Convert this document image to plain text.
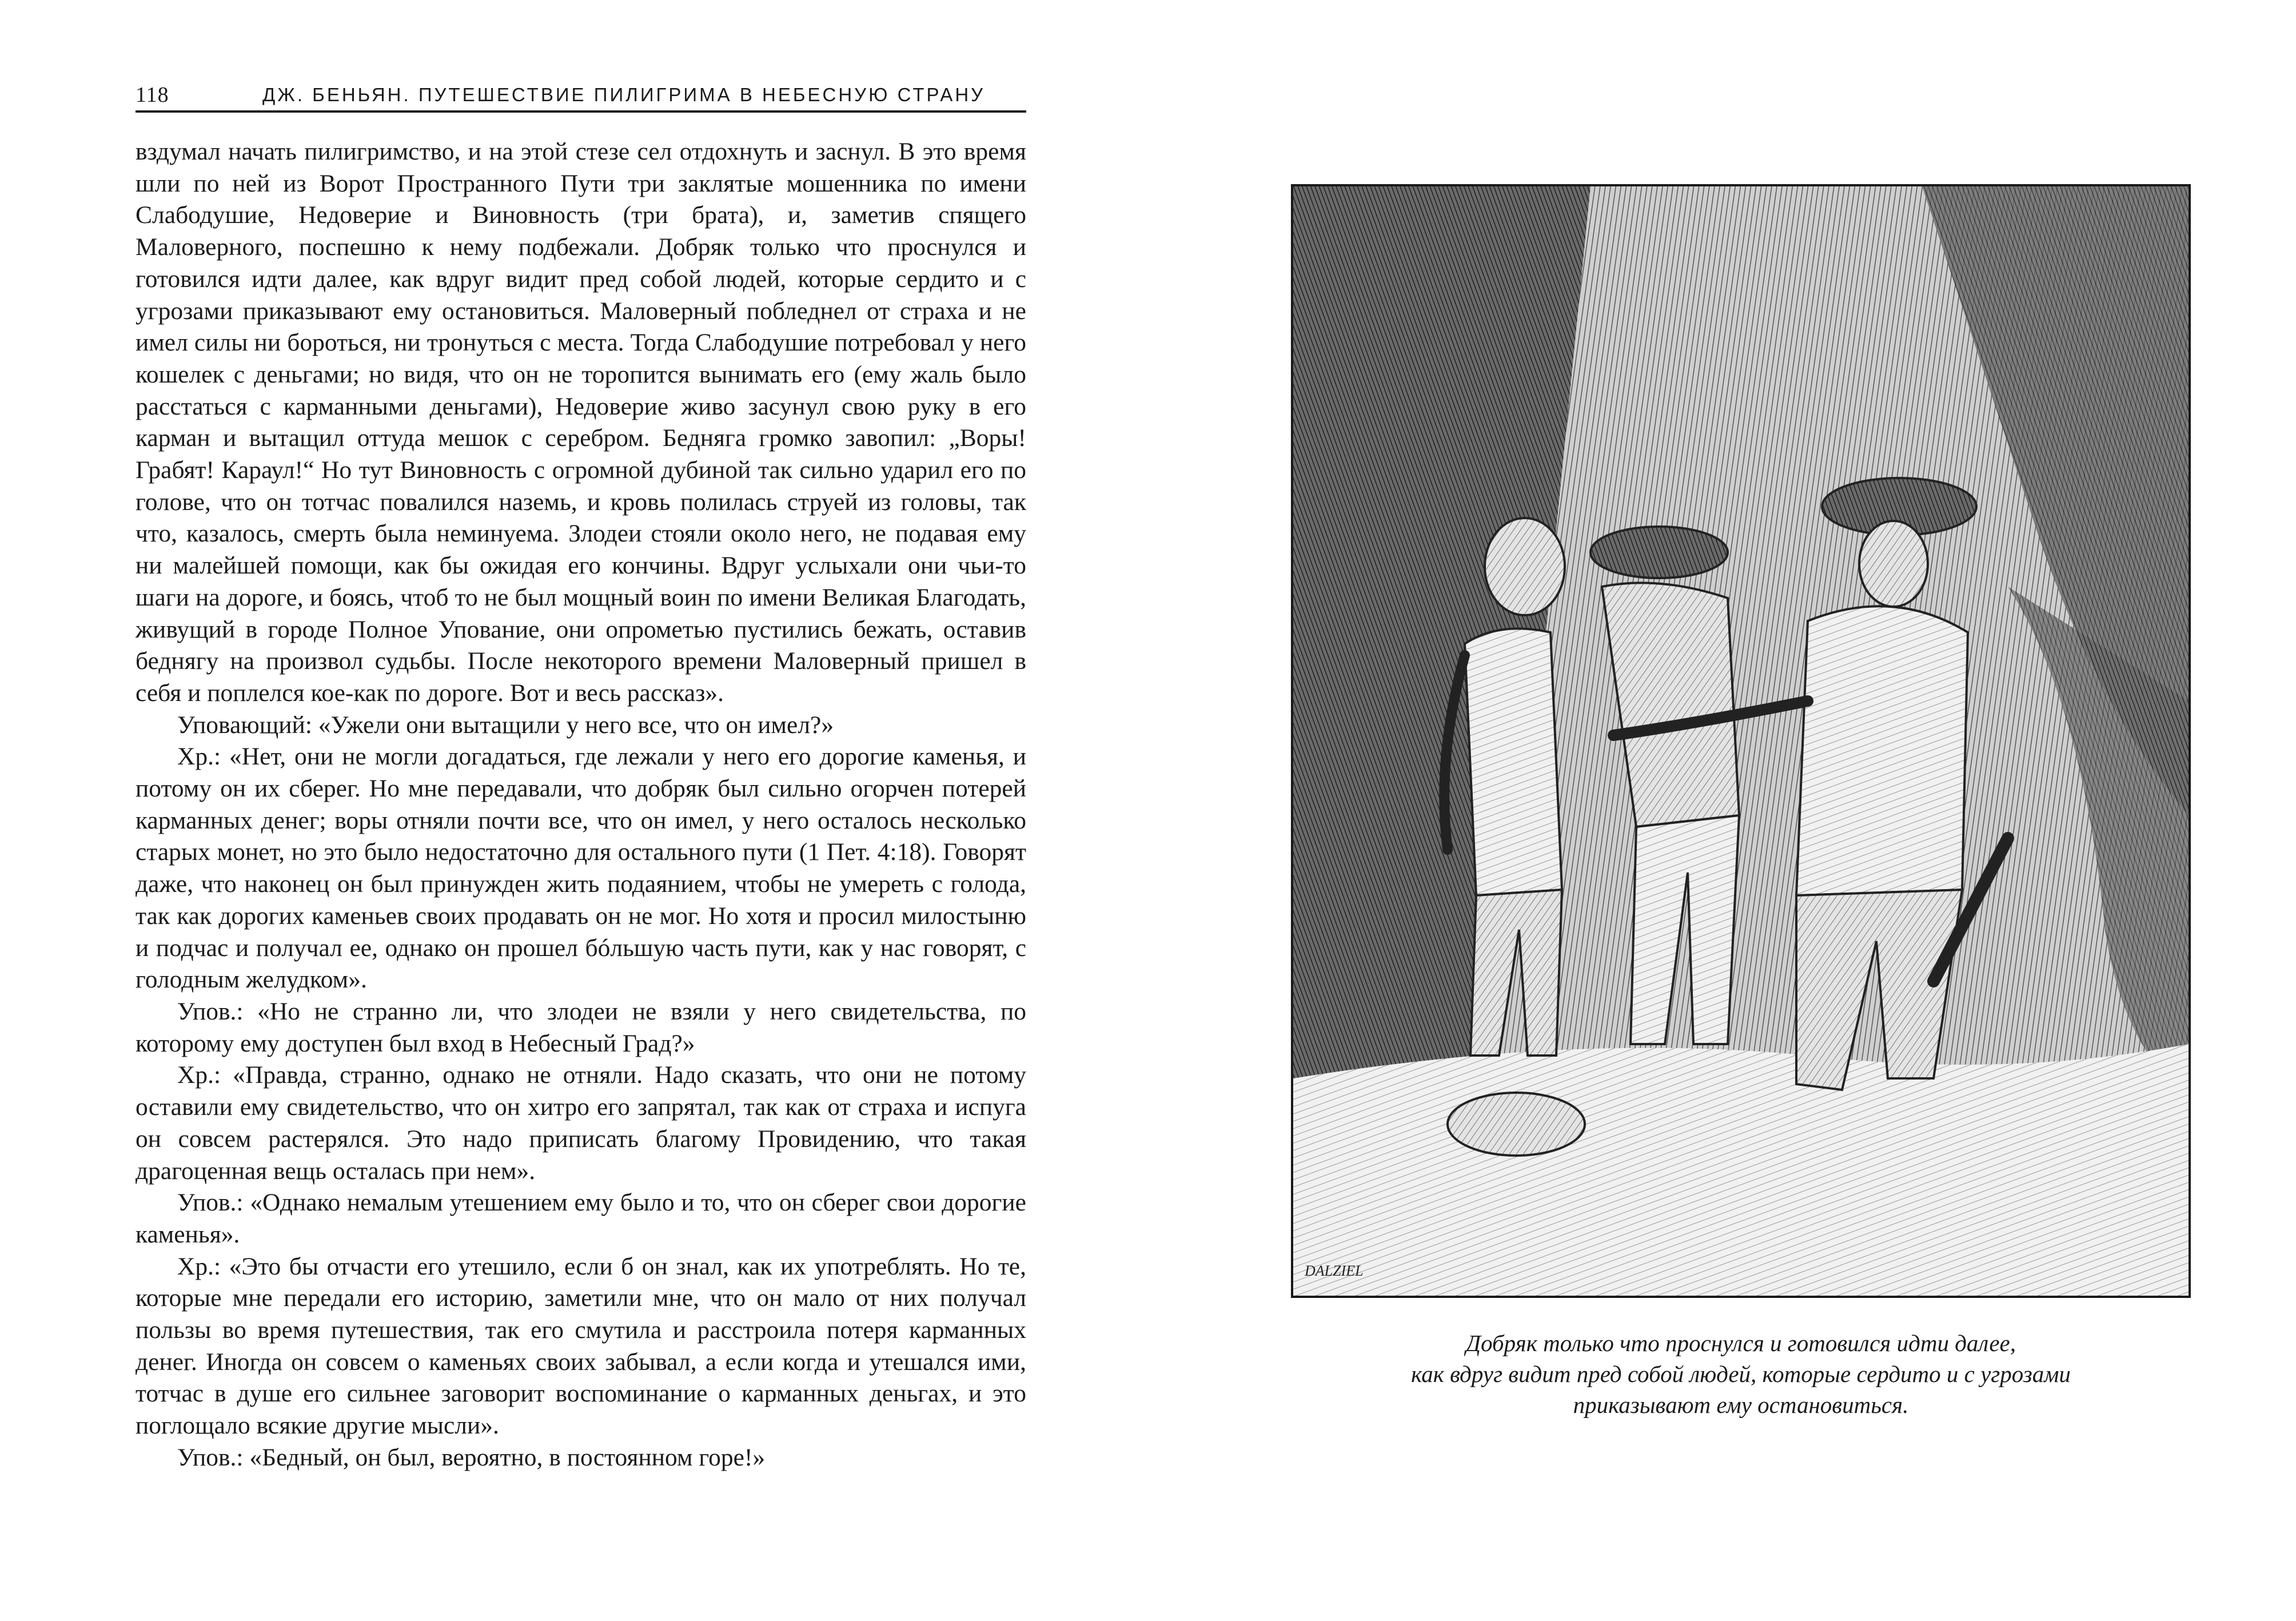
118	ДЖ. БЕНЬЯН. ПУТЕШЕСТВИЕ ПИЛИГРИМА В НЕБЕСНУЮ СТРАНУ

вздумал начать пилигримство, и на этой стезе сел отдохнуть и заснул. В это время шли по ней из Ворот Пространного Пути три заклятые мошенника по имени Слабодушие, Недоверие и Виновность (три брата), и, заметив спящего Маловерного, поспешно к нему подбежали. Добряк только что проснулся и готовился идти далее, как вдруг видит пред собой людей, которые сердито и с угрозами приказывают ему остановиться. Маловерный побледнел от страха и не имел силы ни бороться, ни тронуться с места. Тогда Слабодушие потребовал у него кошелек с деньгами; но видя, что он не торопится вынимать его (ему жаль было расстаться с карманными деньгами), Недоверие живо засунул свою руку в его карман и вытащил оттуда мешок с серебром. Бедняга громко завопил: „Воры! Грабят! Караул!“ Но тут Виновность с огромной дубиной так сильно ударил его по голове, что он тотчас повалился наземь, и кровь полилась струей из головы, так что, казалось, смерть была неминуема. Злодеи стояли около него, не подавая ему ни малейшей помощи, как бы ожидая его кончины. Вдруг услыхали они чьи-то шаги на дороге, и боясь, чтоб то не был мощный воин по имени Великая Благодать, живущий в городе Полное Упование, они опрометью пустились бежать, оставив беднягу на произвол судьбы. После некоторого времени Маловерный пришел в себя и поплелся кое-как по дороге. Вот и весь рассказ».

Уповающий: «Ужели они вытащили у него все, что он имел?»

Хр.: «Нет, они не могли догадаться, где лежали у него его дорогие каменья, и потому он их сберег. Но мне передавали, что добряк был сильно огорчен потерей карманных денег; воры отняли почти все, что он имел, у него осталось несколько старых монет, но это было недостаточно для остального пути (1 Пет. 4:18). Говорят даже, что наконец он был принужден жить подаянием, чтобы не умереть с голода, так как дорогих каменьев своих продавать он не мог. Но хотя и просил милостыню и подчас и получал ее, однако он прошел бóльшую часть пути, как у нас говорят, с голодным желудком».

Упов.: «Но не странно ли, что злодеи не взяли у него свидетельства, по которому ему доступен был вход в Небесный Град?»

Хр.: «Правда, странно, однако не отняли. Надо сказать, что они не потому оставили ему свидетельство, что он хитро его запрятал, так как от страха и испуга он совсем растерялся. Это надо приписать благому Провидению, что такая драгоценная вещь осталась при нем».

Упов.: «Однако немалым утешением ему было и то, что он сберег свои дорогие каменья».

Хр.: «Это бы отчасти его утешило, если б он знал, как их употреблять. Но те, которые мне передали его историю, заметили мне, что он мало от них получал пользы во время путешествия, так его смутила и расстроила потеря карманных денег. Иногда он совсем о каменьях своих забывал, а если когда и утешался ими, тотчас в душе его сильнее заговорит воспоминание о карманных деньгах, и это поглощало всякие другие мысли».

Упов.: «Бедный, он был, вероятно, в постоянном горе!»

DALZIEL
Добряк только что проснулся и готовился идти далее,
как вдруг видит пред собой людей, которые сердито и с угрозами
приказывают ему остановиться.
